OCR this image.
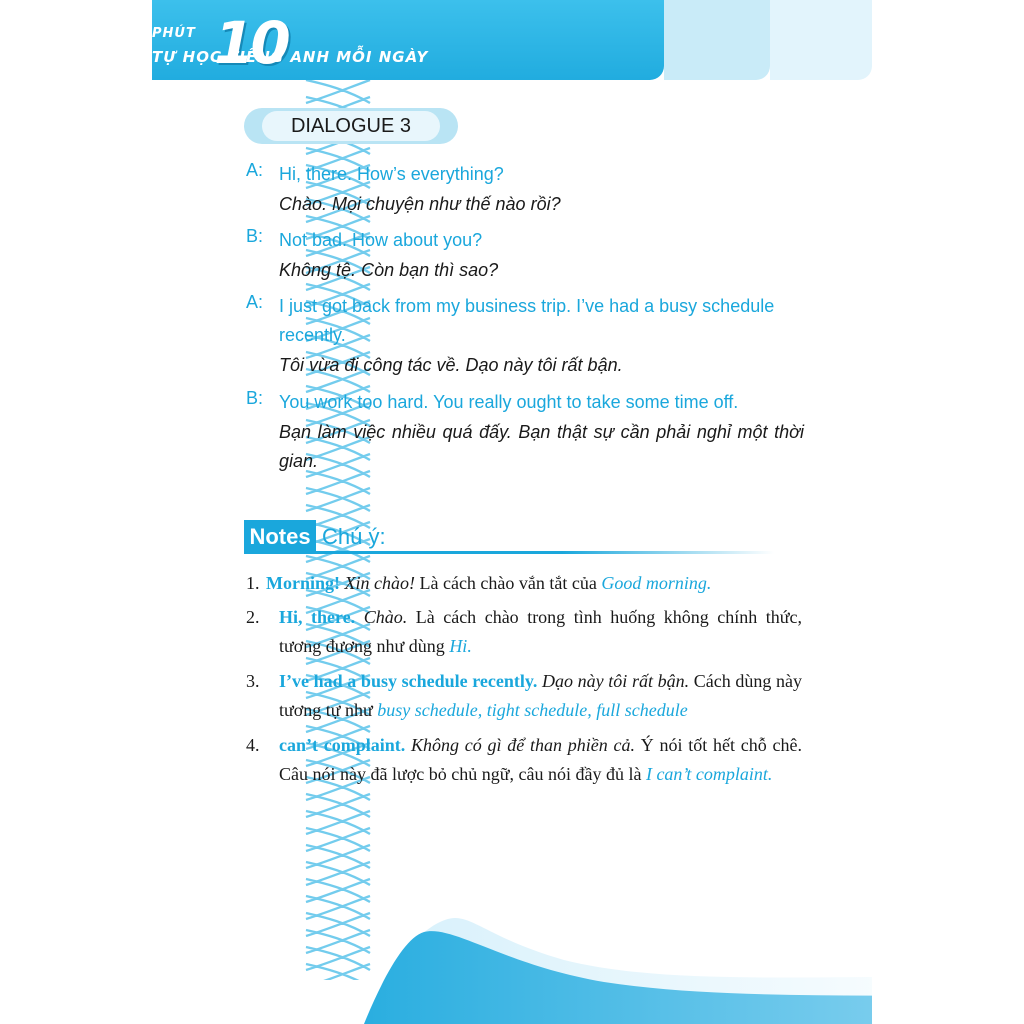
10
PHÚT
TỰ HỌC TIẾNG ANH MỖI NGÀY
DIALOGUE 3
A: Hi, there. How’s everything?
Chào. Mọi chuyện như thế nào rồi?
B: Not bad. How about you?
Không tệ. Còn bạn thì sao?
A: I just got back from my business trip. I’ve had a busy schedule recently.
Tôi vừa đi công tác về. Dạo này tôi rất bận.
B: You work too hard. You really ought to take some time off.
Bạn làm việc nhiều quá đấy. Bạn thật sự cần phải nghỉ một thời gian.
Notes Chú ý:
1. Morning! Xin chào! Là cách chào vắn tắt của Good morning.
2. Hi, there. Chào. Là cách chào trong tình huống không chính thức, tương đương như dùng Hi.
3. I’ve had a busy schedule recently. Dạo này tôi rất bận. Cách dùng này tương tự như busy schedule, tight schedule, full schedule
4. can’t complaint. Không có gì để than phiền cả. Ý nói tốt hết chỗ chê. Câu nói này đã lược bỏ chủ ngữ, câu nói đầy đủ là I can’t complaint.
6
